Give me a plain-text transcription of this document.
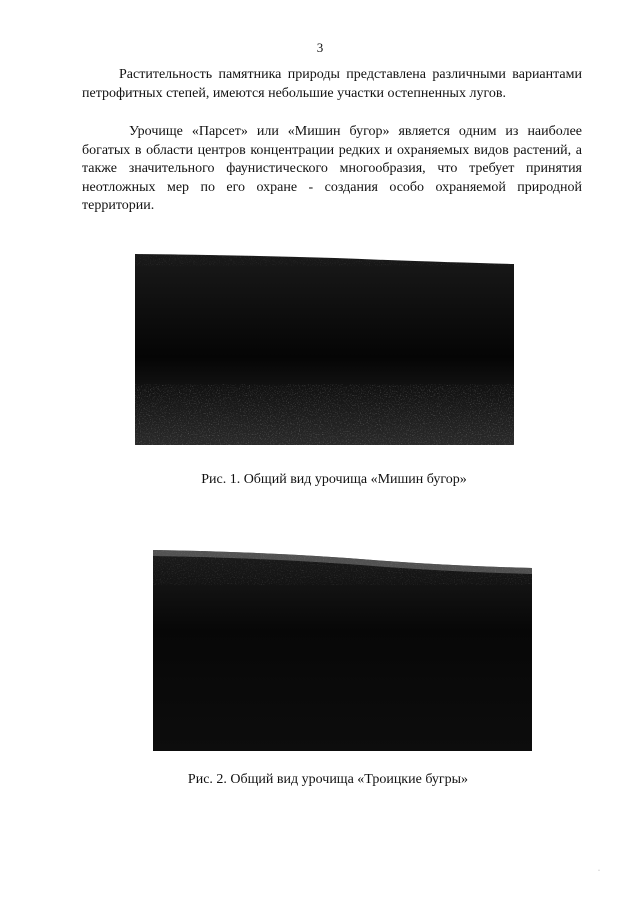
3

Растительность памятника природы представлена различными вариантами петрофитных степей, имеются небольшие участки остепненных лугов.

Урочище «Парсет» или «Мишин бугор» является одним из наиболее богатых в области центров концентрации редких и охраняемых видов растений, а также значительного фаунистического многообразия, что требует принятия неотложных мер по его охране - создания особо охраняемой природной территории.

Рис. 1. Общий вид урочища «Мишин бугор»

Рис. 2. Общий вид урочища «Троицкие бугры»

·
